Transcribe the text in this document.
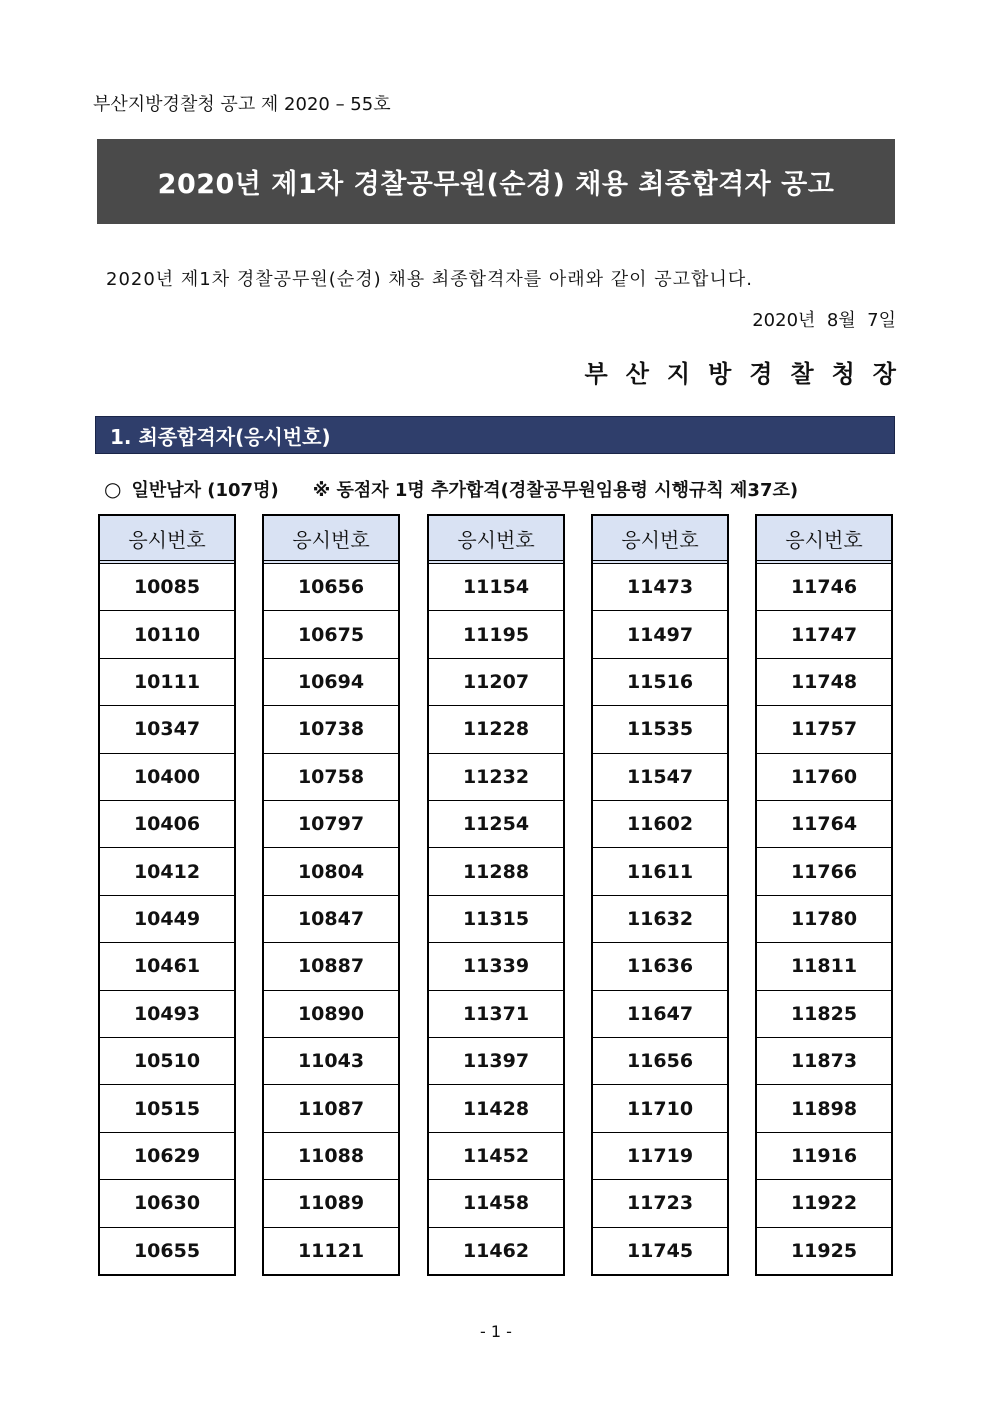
부산지방경찰청 공고 제 2020 – 55호
2020년 제1차 경찰공무원(순경) 채용 최종합격자 공고
2020년 제1차 경찰공무원(순경) 채용 최종합격자를 아래와 같이 공고합니다.
2020년  8월  7일
부산지방경찰청장
1. 최종합격자(응시번호)
○ 일반남자 (107명) ※ 동점자 1명 추가합격(경찰공무원임용령 시행규칙 제37조)
응시번호
10085
10110
10111
10347
10400
10406
10412
10449
10461
10493
10510
10515
10629
10630
10655
응시번호
10656
10675
10694
10738
10758
10797
10804
10847
10887
10890
11043
11087
11088
11089
11121
응시번호
11154
11195
11207
11228
11232
11254
11288
11315
11339
11371
11397
11428
11452
11458
11462
응시번호
11473
11497
11516
11535
11547
11602
11611
11632
11636
11647
11656
11710
11719
11723
11745
응시번호
11746
11747
11748
11757
11760
11764
11766
11780
11811
11825
11873
11898
11916
11922
11925
- 1 -
